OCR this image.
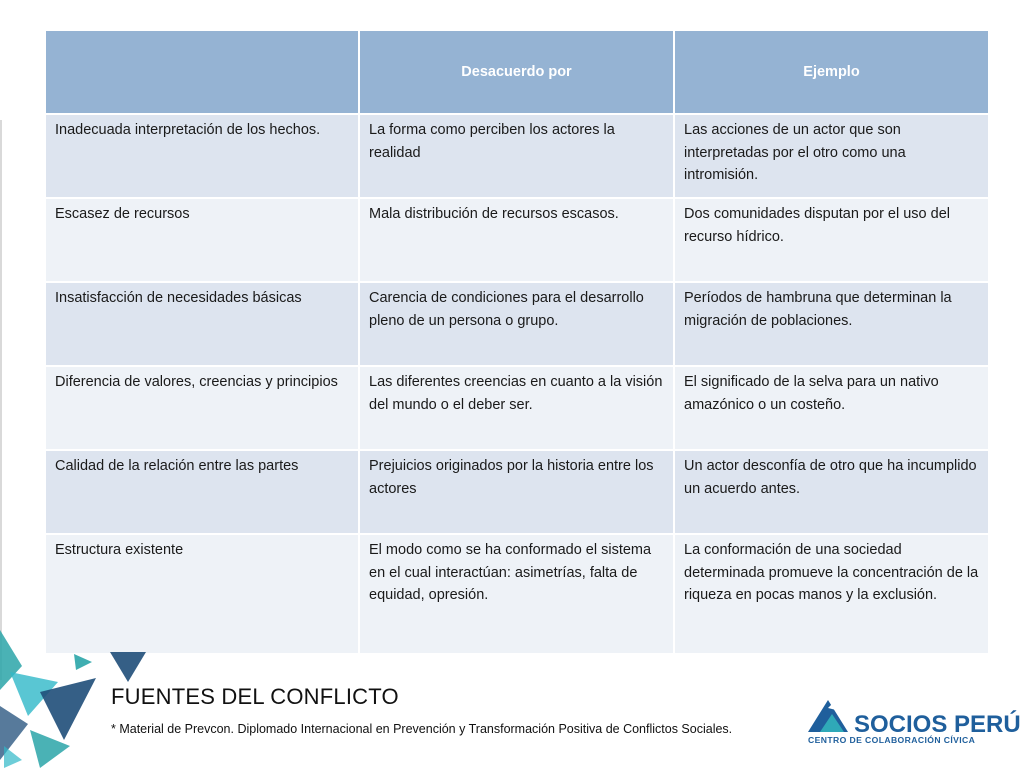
	Desacuerdo por	Ejemplo
Inadecuada interpretación de los hechos.	La forma como perciben los actores la realidad	Las acciones de un actor que son interpretadas por el otro como una intromisión.
Escasez de recursos	Mala distribución de recursos escasos.	Dos comunidades disputan por el uso del recurso hídrico.
Insatisfacción de necesidades básicas	Carencia de condiciones para el desarrollo pleno de un persona o grupo.	Períodos de hambruna que determinan la migración de poblaciones.
Diferencia de valores, creencias y principios	Las diferentes creencias en cuanto a la visión del mundo o el deber ser.	El significado de la selva para un nativo amazónico o un costeño.
Calidad de la relación entre las partes	Prejuicios originados por la historia entre los actores	Un actor desconfía de otro que ha incumplido un acuerdo antes.
Estructura existente	El modo como se ha conformado el sistema en el cual interactúan: asimetrías, falta de equidad, opresión.	La conformación de una sociedad determinada promueve la concentración de la riqueza en pocas manos y la exclusión.
FUENTES DEL CONFLICTO
* Material de Prevcon. Diplomado Internacional en Prevención y Transformación Positiva de Conflictos Sociales.	SOCIOS PERÚ
CENTRO DE COLABORACIÓN CÍVICA
